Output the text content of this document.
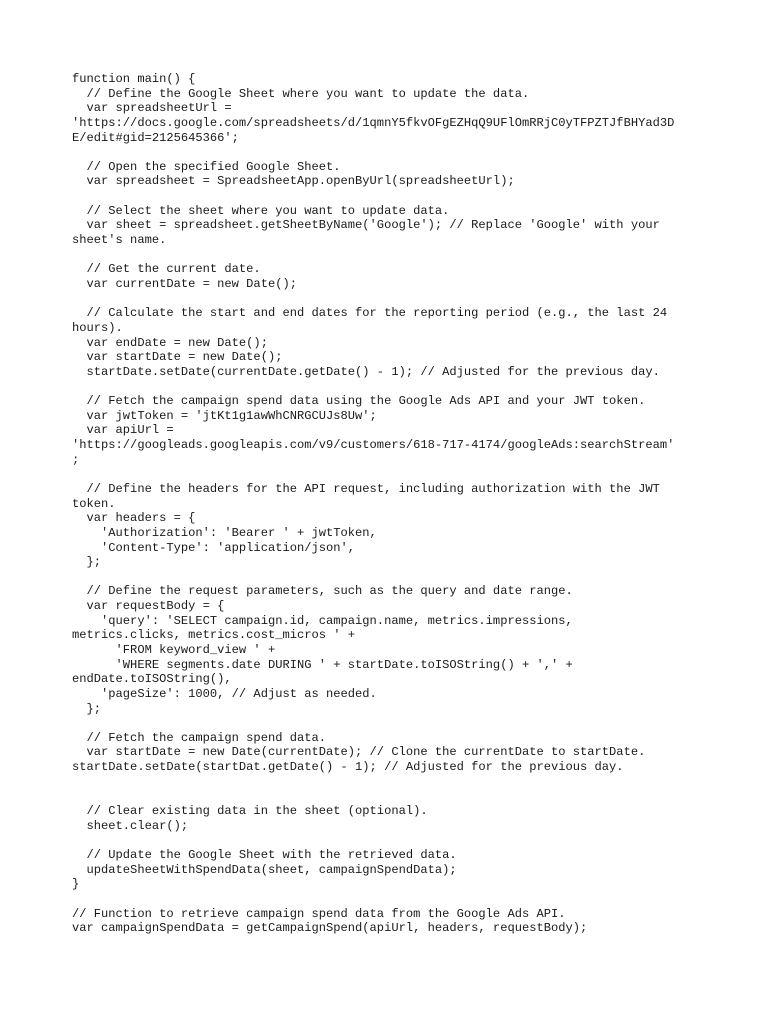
function main() {
// Define the Google Sheet where you want to update the data.
var spreadsheetUrl =
'https://docs.google.com/spreadsheets/d/1qmnY5fkvOFgEZHqQ9UFlOmRRjC0yTFPZTJfBHYad3D
E/edit#gid=2125645366';
// Open the specified Google Sheet.
var spreadsheet = SpreadsheetApp.openByUrl(spreadsheetUrl);
// Select the sheet where you want to update data.
var sheet = spreadsheet.getSheetByName('Google'); // Replace 'Google' with your
sheet's name.
// Get the current date.
var currentDate = new Date();
// Calculate the start and end dates for the reporting period (e.g., the last 24
hours).
var endDate = new Date();
var startDate = new Date();
startDate.setDate(currentDate.getDate() - 1); // Adjusted for the previous day.
// Fetch the campaign spend data using the Google Ads API and your JWT token.
var jwtToken = 'jtKt1g1awWhCNRGCUJs8Uw';
var apiUrl =
'https://googleads.googleapis.com/v9/customers/618-717-4174/googleAds:searchStream'
;
// Define the headers for the API request, including authorization with the JWT
token.
var headers = {
'Authorization': 'Bearer ' + jwtToken,
'Content-Type': 'application/json',
};
// Define the request parameters, such as the query and date range.
var requestBody = {
'query': 'SELECT campaign.id, campaign.name, metrics.impressions,
metrics.clicks, metrics.cost_micros ' +
'FROM keyword_view ' +
'WHERE segments.date DURING ' + startDate.toISOString() + ',' +
endDate.toISOString(),
'pageSize': 1000, // Adjust as needed.
};
// Fetch the campaign spend data.
var startDate = new Date(currentDate); // Clone the currentDate to startDate.
startDate.setDate(startDat.getDate() - 1); // Adjusted for the previous day.
// Clear existing data in the sheet (optional).
sheet.clear();
// Update the Google Sheet with the retrieved data.
updateSheetWithSpendData(sheet, campaignSpendData);
}
// Function to retrieve campaign spend data from the Google Ads API.
var campaignSpendData = getCampaignSpend(apiUrl, headers, requestBody);
